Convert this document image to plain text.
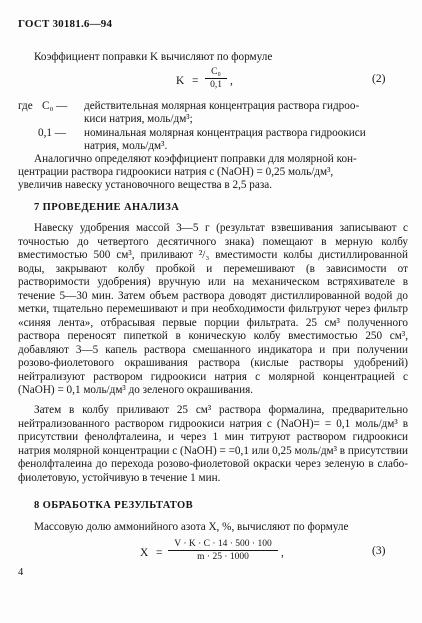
ГОСТ 30181.6—94
Коэффициент поправки K вычисляют по формуле
$K = \frac{\text{C₀}}{0,1}$ ,	(2)
где C₀ — действительная молярная концентрация раствора гидроо-
киси натрия, моль/дм³;
0,1 — номинальная молярная концентрация раствора гидроокиси
натрия, моль/дм³.
Аналогично определяют коэффициент поправки для молярной кон-
центрации раствора гидроокиси натрия c (NaOH) = 0,25 моль/дм³,
увеличив навеску установочного вещества в 2,5 раза.
7 ПРОВЕДЕНИЕ АНАЛИЗА
Навеску удобрения массой 3—5 г (результат взвешивания записывают с точностью до четвертого десятичного знака) помещают в мерную колбу вместимостью 500 см³, приливают ²/₃ вместимости колбы дистиллированной воды, закрывают колбу пробкой и перемешивают (в зависимости от растворимости удобрения) вручную или на механическом встряхивателе в течение 5—30 мин. Затем объем раствора доводят дистиллированной водой до метки, тщательно перемешивают и при необходимости фильтруют через фильтр «синяя лента», отбрасывая первые порции фильтрата. 25 см³ полученного раствора переносят пипеткой в коническую колбу вместимостью 250 см³, добавляют 3—5 капель раствора смешанного индикатора и при получении розово-фиолетового окрашивания раствора (кислые растворы удобрений) нейтрализуют раствором гидроокиси натрия с молярной концентрацией c (NaOH) = 0,1 моль/дм³ до зеленого окрашивания.
Затем в колбу приливают 25 см³ раствора формалина, предварительно нейтрализованного раствором гидроокиси натрия c (NaOH)= = 0,1 моль/дм³ в присутствии фенолфталеина, и через 1 мин титруют раствором гидроокиси натрия молярной концентрации c (NaOH) = =0,1 или 0,25 моль/дм³ в присутствии фенолфталеина до перехода розово-фиолетовой окраски через зеленую в слабо-фиолетовую, устойчивую в течение 1 мин.
8 ОБРАБОТКА РЕЗУЛЬТАТОВ
Массовую долю аммонийного азота X, %, вычисляют по формуле
$X = \frac{V \cdot K \cdot C \cdot 14 \cdot 500 \cdot 100}{m \cdot 25 \cdot 1000}$ ,	(3)
4
